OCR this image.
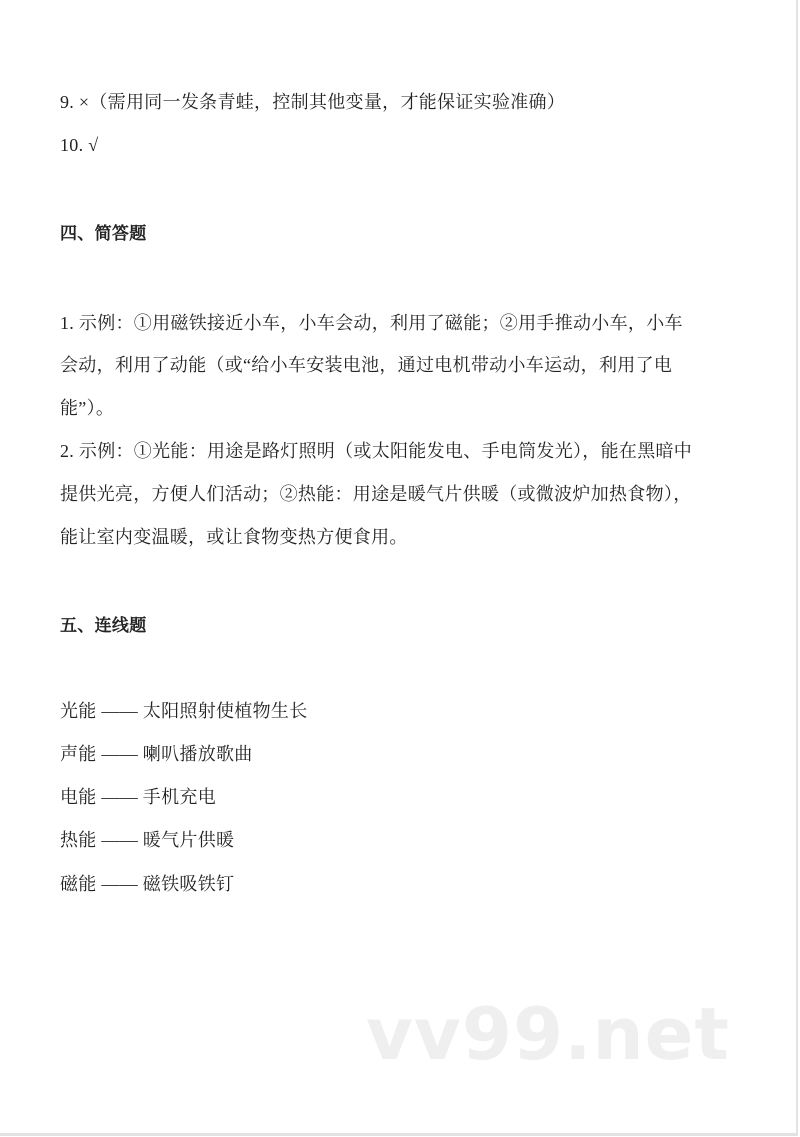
9. ×（需用同一发条青蛙，控制其他变量，才能保证实验准确）
10. √
四、简答题
1. 示例：①用磁铁接近小车，小车会动，利用了磁能；②用手推动小车，小车
会动，利用了动能（或“给小车安装电池，通过电机带动小车运动，利用了电
能”）。
2. 示例：①光能：用途是路灯照明（或太阳能发电、手电筒发光），能在黑暗中
提供光亮，方便人们活动；②热能：用途是暖气片供暖（或微波炉加热食物），
能让室内变温暖，或让食物变热方便食用。
五、连线题
光能 —— 太阳照射使植物生长
声能 —— 喇叭播放歌曲
电能 —— 手机充电
热能 —— 暖气片供暖
磁能 —— 磁铁吸铁钉
vv99.net
